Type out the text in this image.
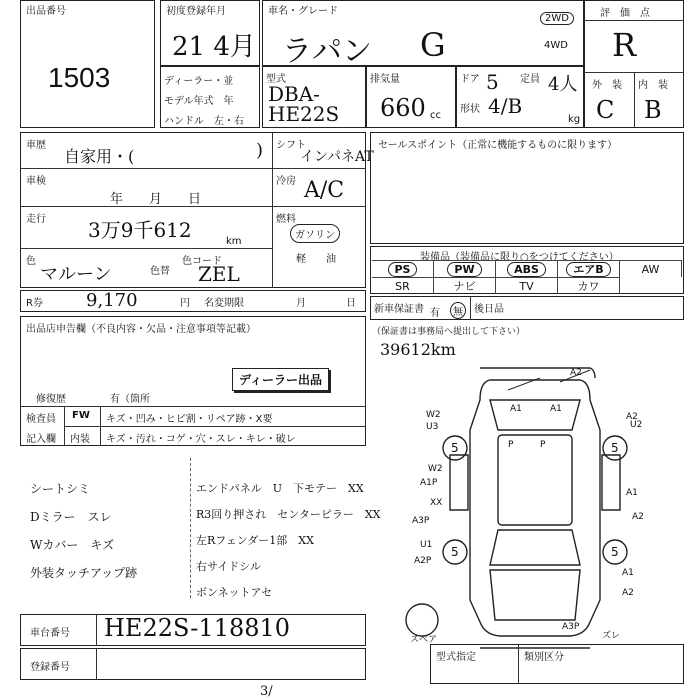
出品番号
1503
初度登録年月
21 4月
車名・グレード
ラパン G
2WD
4WD
評　価　点
R
外　装 内　装
C B
ディーラー・並
モデル年式　年
ハンドル　左・右
型式
DBA-HE22S
排気量
660 cc
ドア 5 定員 4人
形状 4/B
kg
車歴
自家用・(	) シフト
インパネAT
車検
年　　月　　日
冷房 A/C
走行 3万9千612	km
燃料
ガソリン
軽　　油
色
マルーン	色替
色コード
ZEL
R券 9,170	円 名変期限	月	日
セールスポイント（正常に機能するものに限ります）
装備品（装備品に限り○をつけてください）
PS	PW	ABS	エアB	AW
SR	ナビ	TV	カワ
新車保証書 有	無	後日品
（保証書は事務局へ提出して下さい）
39612km
出品店申告欄（不良内容・欠品・注意事項等記載）
修復歴	有（箇所
ディーラー出品
検査員
記入欄
FW キズ・凹み・ヒビ割・リペア跡・X要
内装 キズ・汚れ・コゲ・穴・スレ・キレ・破レ
シートシミ
Dミラー　スレ
Wカバー　キズ
外装タッチアップ跡
エンドパネル　U　下モテー　XX
R3回り押され　センターピラー　XX
左Rフェンダー1部　XX
右サイドシル
ボンネットアセ
A2
A1	A1
A2
W2
U3
A1P
XX
A3P
U1
A2P
W2
U2
A1
A2
A1
A2
A3P
P	P
ズレ
スペア
5	5
5	5
車台番号 HE22S-118810
登録番号
型式指定	類別区分
3/
